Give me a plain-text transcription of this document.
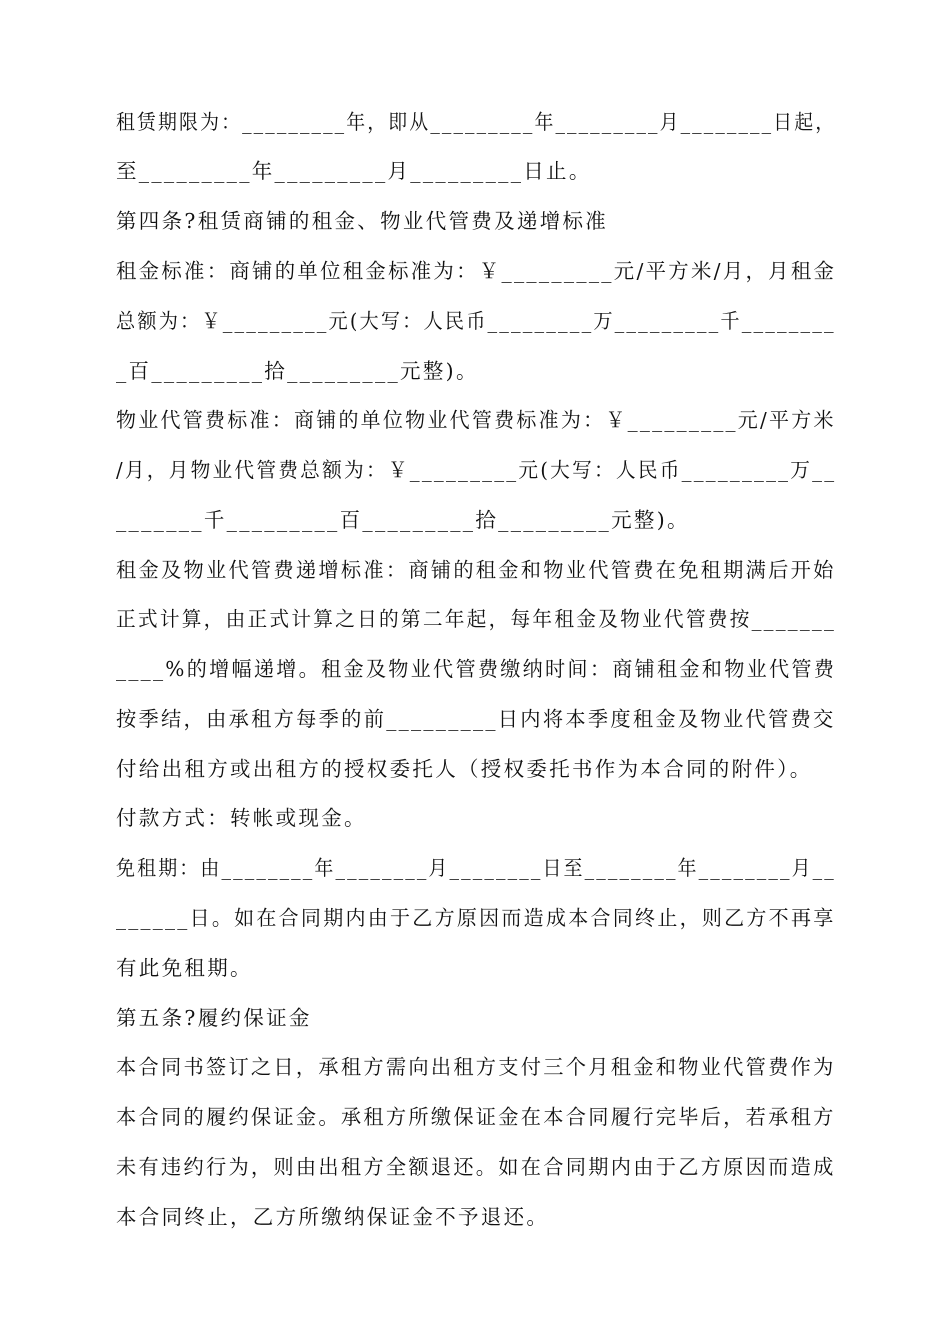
租赁期限为：_________年，即从_________年_________月________日起，
至_________年_________月_________日止。
第四条?租赁商铺的租金、物业代管费及递增标准
租金标准：商铺的单位租金标准为：￥_________元/平方米/月，月租金
总额为：￥_________元(大写：人民币_________万_________千________
_百_________拾_________元整)。
物业代管费标准：商铺的单位物业代管费标准为：￥_________元/平方米
/月，月物业代管费总额为：￥_________元(大写：人民币_________万__
_______千_________百_________拾_________元整)。
租金及物业代管费递增标准：商铺的租金和物业代管费在免租期满后开始
正式计算，由正式计算之日的第二年起，每年租金及物业代管费按_______
____%的增幅递增。租金及物业代管费缴纳时间：商铺租金和物业代管费
按季结，由承租方每季的前_________日内将本季度租金及物业代管费交
付给出租方或出租方的授权委托人（授权委托书作为本合同的附件）。
付款方式：转帐或现金。
免租期：由________年________月________日至________年________月__
______日。如在合同期内由于乙方原因而造成本合同终止，则乙方不再享
有此免租期。
第五条?履约保证金
本合同书签订之日，承租方需向出租方支付三个月租金和物业代管费作为
本合同的履约保证金。承租方所缴保证金在本合同履行完毕后，若承租方
未有违约行为，则由出租方全额退还。如在合同期内由于乙方原因而造成
本合同终止，乙方所缴纳保证金不予退还。
